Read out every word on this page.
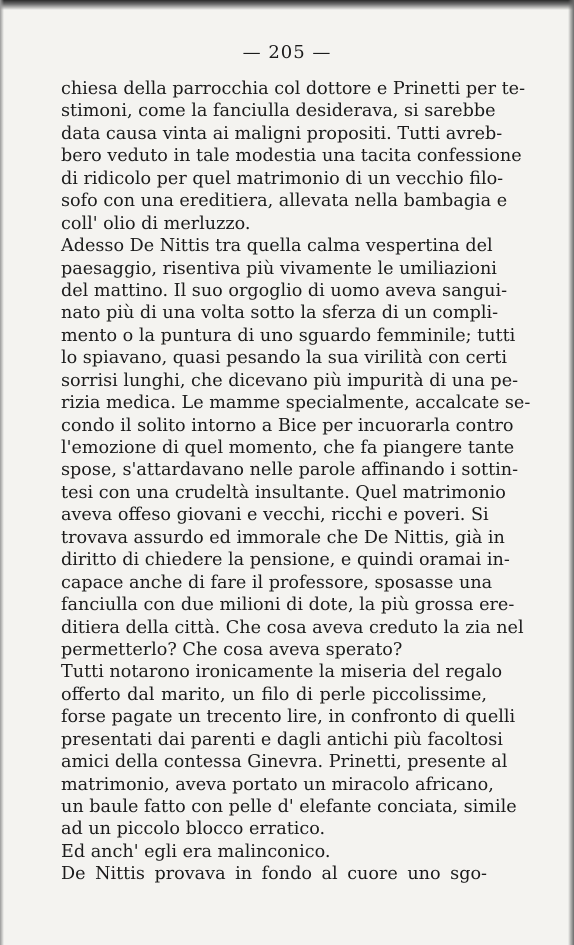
— 205 —
chiesa della parrocchia col dottore e Prinetti per te-
stimoni, come la fanciulla desiderava, si sarebbe
data causa vinta ai maligni propositi. Tutti avreb-
bero veduto in tale modestia una tacita confessione
di ridicolo per quel matrimonio di un vecchio filo-
sofo con una ereditiera, allevata nella bambagia e
coll' olio di merluzzo.
Adesso De Nittis tra quella calma vespertina del
paesaggio, risentiva più vivamente le umiliazioni
del mattino. Il suo orgoglio di uomo aveva sangui-
nato più di una volta sotto la sferza di un compli-
mento o la puntura di uno sguardo femminile; tutti
lo spiavano, quasi pesando la sua virilità con certi
sorrisi lunghi, che dicevano più impurità di una pe-
rizia medica. Le mamme specialmente, accalcate se-
condo il solito intorno a Bice per incuorarla contro
l'emozione di quel momento, che fa piangere tante
spose, s'attardavano nelle parole affinando i sottin-
tesi con una crudeltà insultante. Quel matrimonio
aveva offeso giovani e vecchi, ricchi e poveri. Si
trovava assurdo ed immorale che De Nittis, già in
diritto di chiedere la pensione, e quindi oramai in-
capace anche di fare il professore, sposasse una
fanciulla con due milioni di dote, la più grossa ere-
ditiera della città. Che cosa aveva creduto la zia nel
permetterlo? Che cosa aveva sperato?
Tutti notarono ironicamente la miseria del regalo
offerto dal marito, un filo di perle piccolissime,
forse pagate un trecento lire, in confronto di quelli
presentati dai parenti e dagli antichi più facoltosi
amici della contessa Ginevra. Prinetti, presente al
matrimonio, aveva portato un miracolo africano,
un baule fatto con pelle d' elefante conciata, simile
ad un piccolo blocco erratico.
Ed anch' egli era malinconico.
De Nittis provava in fondo al cuore uno sgo-
